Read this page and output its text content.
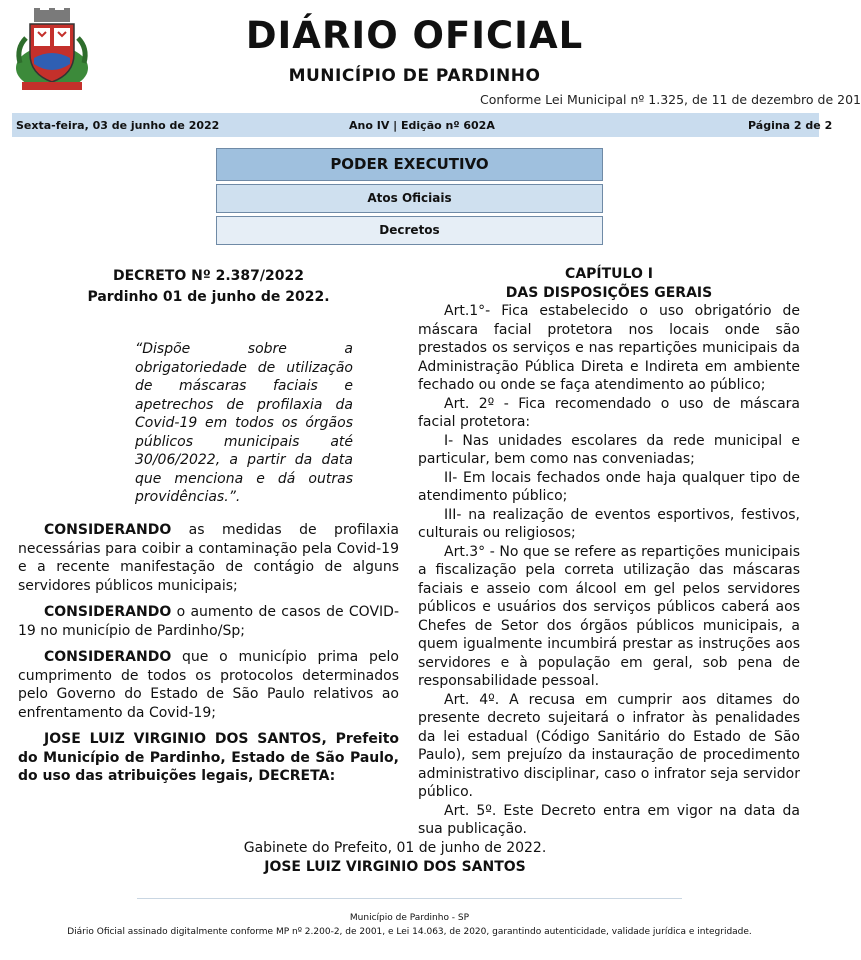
DIÁRIO OFICIAL
MUNICÍPIO DE PARDINHO
Conforme Lei Municipal nº 1.325, de 11 de dezembro de 201
Sexta-feira, 03 de junho de 2022	Ano IV | Edição nº 602A	Página 2 de 2
PODER EXECUTIVO
Atos Oficiais
Decretos

DECRETO Nº 2.387/2022

Pardinho 01 de junho de 2022.

“Dispõe sobre a obrigatoriedade de utilização de máscaras faciais e apetrechos de profilaxia da Covid-19 em todos os órgãos públicos municipais até 30/06/2022, a partir da data que menciona e dá outras providências.”.

CONSIDERANDO as medidas de profilaxia necessárias para coibir a contaminação pela Covid-19 e a recente manifestação de contágio de alguns servidores públicos municipais;

CONSIDERANDO o aumento de casos de COVID-19 no município de Pardinho/Sp;

CONSIDERANDO que o município prima pelo cumprimento de todos os protocolos determinados pelo Governo do Estado de São Paulo relativos ao enfrentamento da Covid-19;

JOSE LUIZ VIRGINIO DOS SANTOS, Prefeito do Município de Pardinho, Estado de São Paulo, do uso das atribuições legais, DECRETA:

CAPÍTULO I

DAS DISPOSIÇÕES GERAIS

Art.1°- Fica estabelecido o uso obrigatório de máscara facial protetora nos locais onde são prestados os serviços e nas repartições municipais da Administração Pública Direta e Indireta em ambiente fechado ou onde se faça atendimento ao público;

Art. 2º - Fica recomendado o uso de máscara facial protetora:

I- Nas unidades escolares da rede municipal e particular, bem como nas conveniadas;

II- Em locais fechados onde haja qualquer tipo de atendimento público;

III- na realização de eventos esportivos, festivos, culturais ou religiosos;

Art.3° - No que se refere as repartições municipais a fiscalização pela correta utilização das máscaras faciais e asseio com álcool em gel pelos servidores públicos e usuários dos serviços públicos caberá aos Chefes de Setor dos órgãos públicos municipais, a quem igualmente incumbirá prestar as instruções aos servidores e à população em geral, sob pena de responsabilidade pessoal.

Art. 4º. A recusa em cumprir aos ditames do presente decreto sujeitará o infrator às penalidades da lei estadual (Código Sanitário do Estado de São Paulo), sem prejuízo da instauração de procedimento administrativo disciplinar, caso o infrator seja servidor público.

Art. 5º. Este Decreto entra em vigor na data da sua publicação.

Gabinete do Prefeito, 01 de junho de 2022.

JOSE LUIZ VIRGINIO DOS SANTOS

Município de Pardinho - SP
Diário Oficial assinado digitalmente conforme MP nº 2.200-2, de 2001, e Lei 14.063, de 2020, garantindo autenticidade, validade jurídica e integridade.
